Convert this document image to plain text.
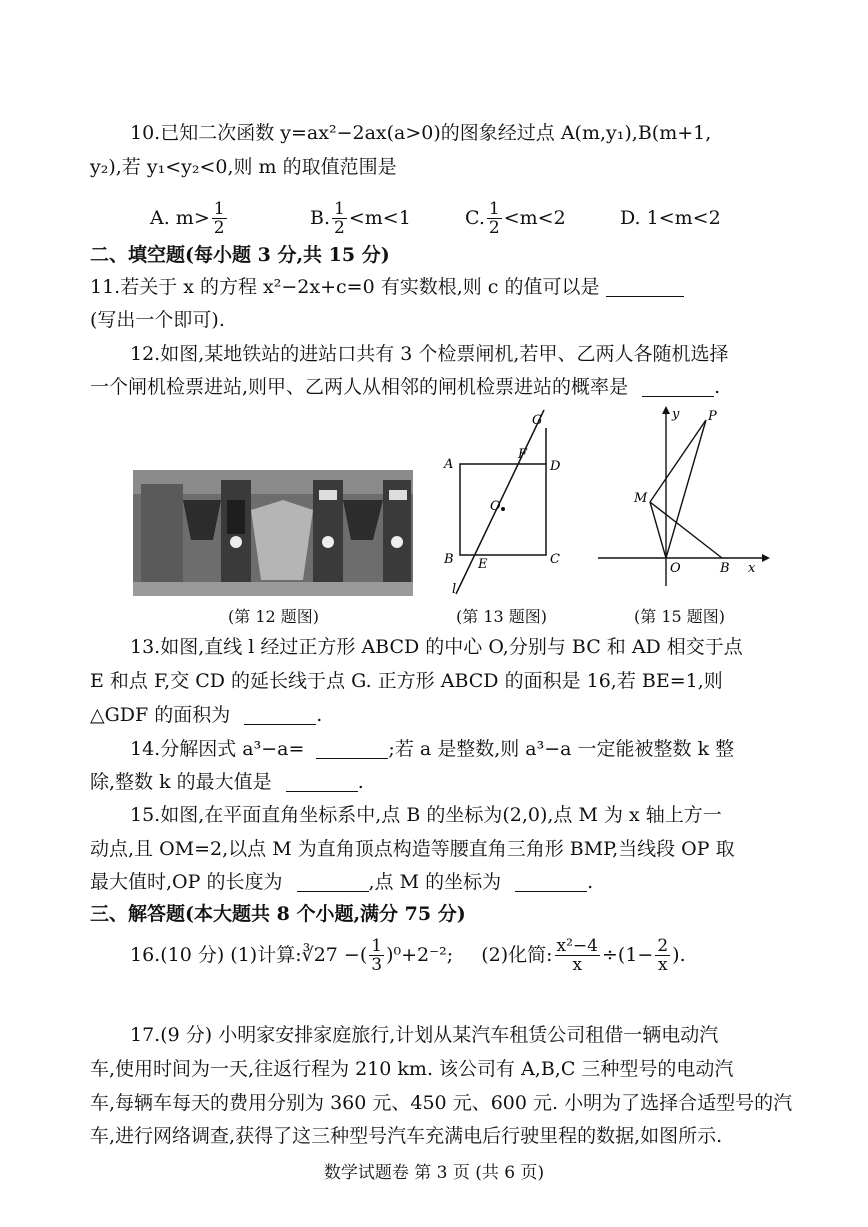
10.已知二次函数 y=ax²−2ax(a>0)的图象经过点 A(m,y₁),B(m+1,
y₂),若 y₁<y₂<0,则 m 的取值范围是
A. $m> \frac{1}{2}$	B. $\frac{1}{2} <m<1$	C. $\frac{1}{2} <m<2$	D. 1<m<2
二、填空题(每小题 3 分,共 15 分)
11.若关于 x 的方程 x²−2x+c=0 有实数根,则 c 的值可以是
(写出一个即可).
12.如图,某地铁站的进站口共有 3 个检票闸机,若甲、乙两人各随机选择
一个闸机检票进站,则甲、乙两人从相邻的闸机检票进站的概率是	.
A
B	C
D
E
F
G
O
l
y
x
P
M
O	B
(第 12 题图)	(第 13 题图)	(第 15 题图)
13.如图,直线 l 经过正方形 ABCD 的中心 O,分别与 BC 和 AD 相交于点
E 和点 F,交 CD 的延长线于点 G. 正方形 ABCD 的面积是 16,若 BE=1,则
△GDF 的面积为	.
14.分解因式 a³−a=	;若 a 是整数,则 a³−a 一定能被整数 k 整
除,整数 k 的最大值是	.
15.如图,在平面直角坐标系中,点 B 的坐标为(2,0),点 M 为 x 轴上方一
动点,且 OM=2,以点 M 为直角顶点构造等腰直角三角形 BMP,当线段 OP 取
最大值时,OP 的长度为	,点 M 的坐标为	.
三、解答题(本大题共 8 个小题,满分 75 分)
16.(10 分) (1)计算:∛27 −( $\frac{1}{3} )^0+2^{-2}$; (2)化简: $\frac{\text{x²−4}}{x} \div(1- \frac{2}{x}$ ).
17.(9 分) 小明家安排家庭旅行,计划从某汽车租赁公司租借一辆电动汽
车,使用时间为一天,往返行程为 210 km. 该公司有 A,B,C 三种型号的电动汽
车,每辆车每天的费用分别为 360 元、450 元、600 元. 小明为了选择合适型号的汽
车,进行网络调查,获得了这三种型号汽车充满电后行驶里程的数据,如图所示.
数学试题卷 第 3 页 (共 6 页)
